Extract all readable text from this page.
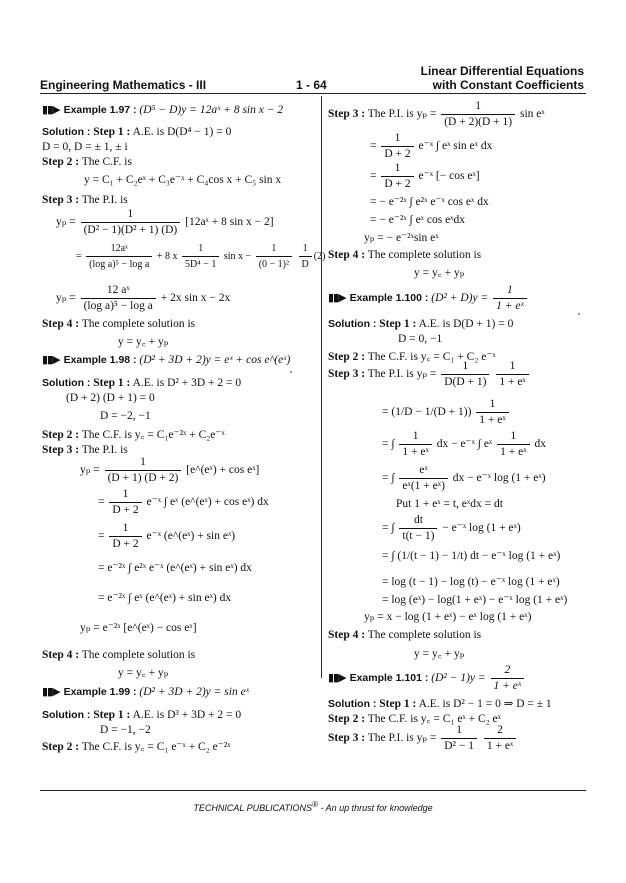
Engineering Mathematics - III	1 - 64
Linear Differential Equations
with Constant Coefficients
▮▮▶ Example 1.97 : (D⁵ − D)y = 12aˣ + 8 sin x − 2
Solution : Step 1 : A.E. is D(D⁴ − 1) = 0
D = 0, D = ± 1, ± i
Step 2 : The C.F. is
y = C₁ + C₂eˣ + C₃e⁻ˣ + C₄cos x + C₅ sin x
Step 3 : The P.I. is
$y_p = \frac{1}{\text{(D² − 1)(D² + 1) (D)}}$ [12aˣ + 8 sin x − 2]
= $\frac{\text{12aˣ}}{\text{(log a)⁵ − log a}} + 8$ x $\frac{1}{\text{5D⁴ − 1}}$ $\sin x - \frac{1}{\text{(0 − 1)²}}$
$\frac{1}{D} (2)$
$y_p = \frac{\text{12 aˣ}}{\text{(log a)⁵ − log a}} + 2x$ sin x − 2x
Step 4 : The complete solution is
y = y꜀ + yₚ
▮▮▶ Example 1.98 : (D² + 3D + 2)y = eˣ + cos e^(eˣ)
Solution : Step 1 : A.E. is D² + 3D + 2 = 0
(D + 2) (D + 1) = 0
D = −2, −1
Step 2 : The C.F. is y꜀ = C₁e⁻²ˣ + C₂e⁻ˣ
Step 3 : The P.I. is
$y_p = \frac{1}{(D + 1) (D + 2)}$ [e^(eˣ) + cos eˣ]
= $\frac{1}{D + 2}$ e⁻ˣ ∫ eˣ (e^(eˣ) + cos eˣ) dx
= $\frac{1}{D + 2}$ e⁻ˣ (e^(eˣ) + sin eˣ)
= e⁻²ˣ ∫ e²ˣ e⁻ˣ (e^(eˣ) + sin eˣ) dx
= e⁻²ˣ ∫ eˣ (e^(eˣ) + sin eˣ) dx
yₚ = e⁻²ˣ [e^(eˣ) − cos eˣ]
Step 4 : The complete solution is
y = y꜀ + yₚ
▮▮▶ Example 1.99 : (D² + 3D + 2)y = sin eˣ
Solution : Step 1 : A.E. is D³ + 3D + 2 = 0
D = −1, −2
Step 2 : The C.F. is y꜀ = C₁ e⁻ˣ + C₂ e⁻²ˣ
Step 3 : The P.I. is $y_p = \frac{1}{(D + 2)(D + 1)}$ sin eˣ
= $\frac{1}{D + 2}$ e⁻ˣ ∫ eˣ sin eˣ dx
= $\frac{1}{D + 2}$ e⁻ˣ [− cos eˣ]
= − e⁻²ˣ ∫ e²ˣ e⁻ˣ cos eˣ dx
= − e⁻²ˣ ∫ eˣ cos eˣdx
yₚ = − e⁻²ˣsin eˣ
Step 4 : The complete solution is
y = y꜀ + yₚ
▮▮▶ Example 1.100 : $(D^2 + D)y = \frac{1}{\text{1 + eˣ}}$
Solution : Step 1 : A.E. is D(D + 1) = 0
D = 0, −1
Step 2 : The C.F. is y꜀ = C₁ + C₂ e⁻ˣ
Step 3 : The P.I. is $y_p = \frac{1}{D(D + 1)}$
$\frac{1}{\text{1 + eˣ}}$
= $(1/D - 1/(D + 1)) \frac{1}{\text{1 + eˣ}}$
= ∫ $\frac{1}{\text{1 + eˣ}}$ dx − e⁻ˣ ∫ eˣ $\frac{1}{\text{1 + eˣ}}$ dx
= ∫ $\frac{\text{eˣ}}{\text{eˣ(1 + eˣ)}}$ dx − e⁻ˣ log (1 + eˣ)
Put 1 + eˣ = t, eˣdx = dt
= ∫ $\frac{dt}{t(t - 1)}$ − e⁻ˣ log (1 + eˣ)
= ∫ (1/(t − 1) − 1/t) dt − e⁻ˣ log (1 + eˣ)
= log (t − 1) − log (t) − e⁻ˣ log (1 + eˣ)
= log (eˣ) − log(1 + eˣ) − e⁻ˣ log (1 + eˣ)
yₚ = x − log (1 + eˣ) − eˣ log (1 + eˣ)
Step 4 : The complete solution is
y = y꜀ + yₚ
▮▮▶ Example 1.101 : $(D^2 - 1)y = \frac{2}{\text{1 + eˣ}}$
Solution : Step 1 : A.E. is D² − 1 = 0 ⇒ D = ± 1
Step 2 : The C.F. is y꜀ = C₁ eˣ + C₂ eˣ
Step 3 : The P.I. is $y_p = \frac{1}{\text{D² − 1}}$
$\frac{2}{\text{1 + eˣ}}$
TECHNICAL PUBLICATIONS® - An up thrust for knowledge
